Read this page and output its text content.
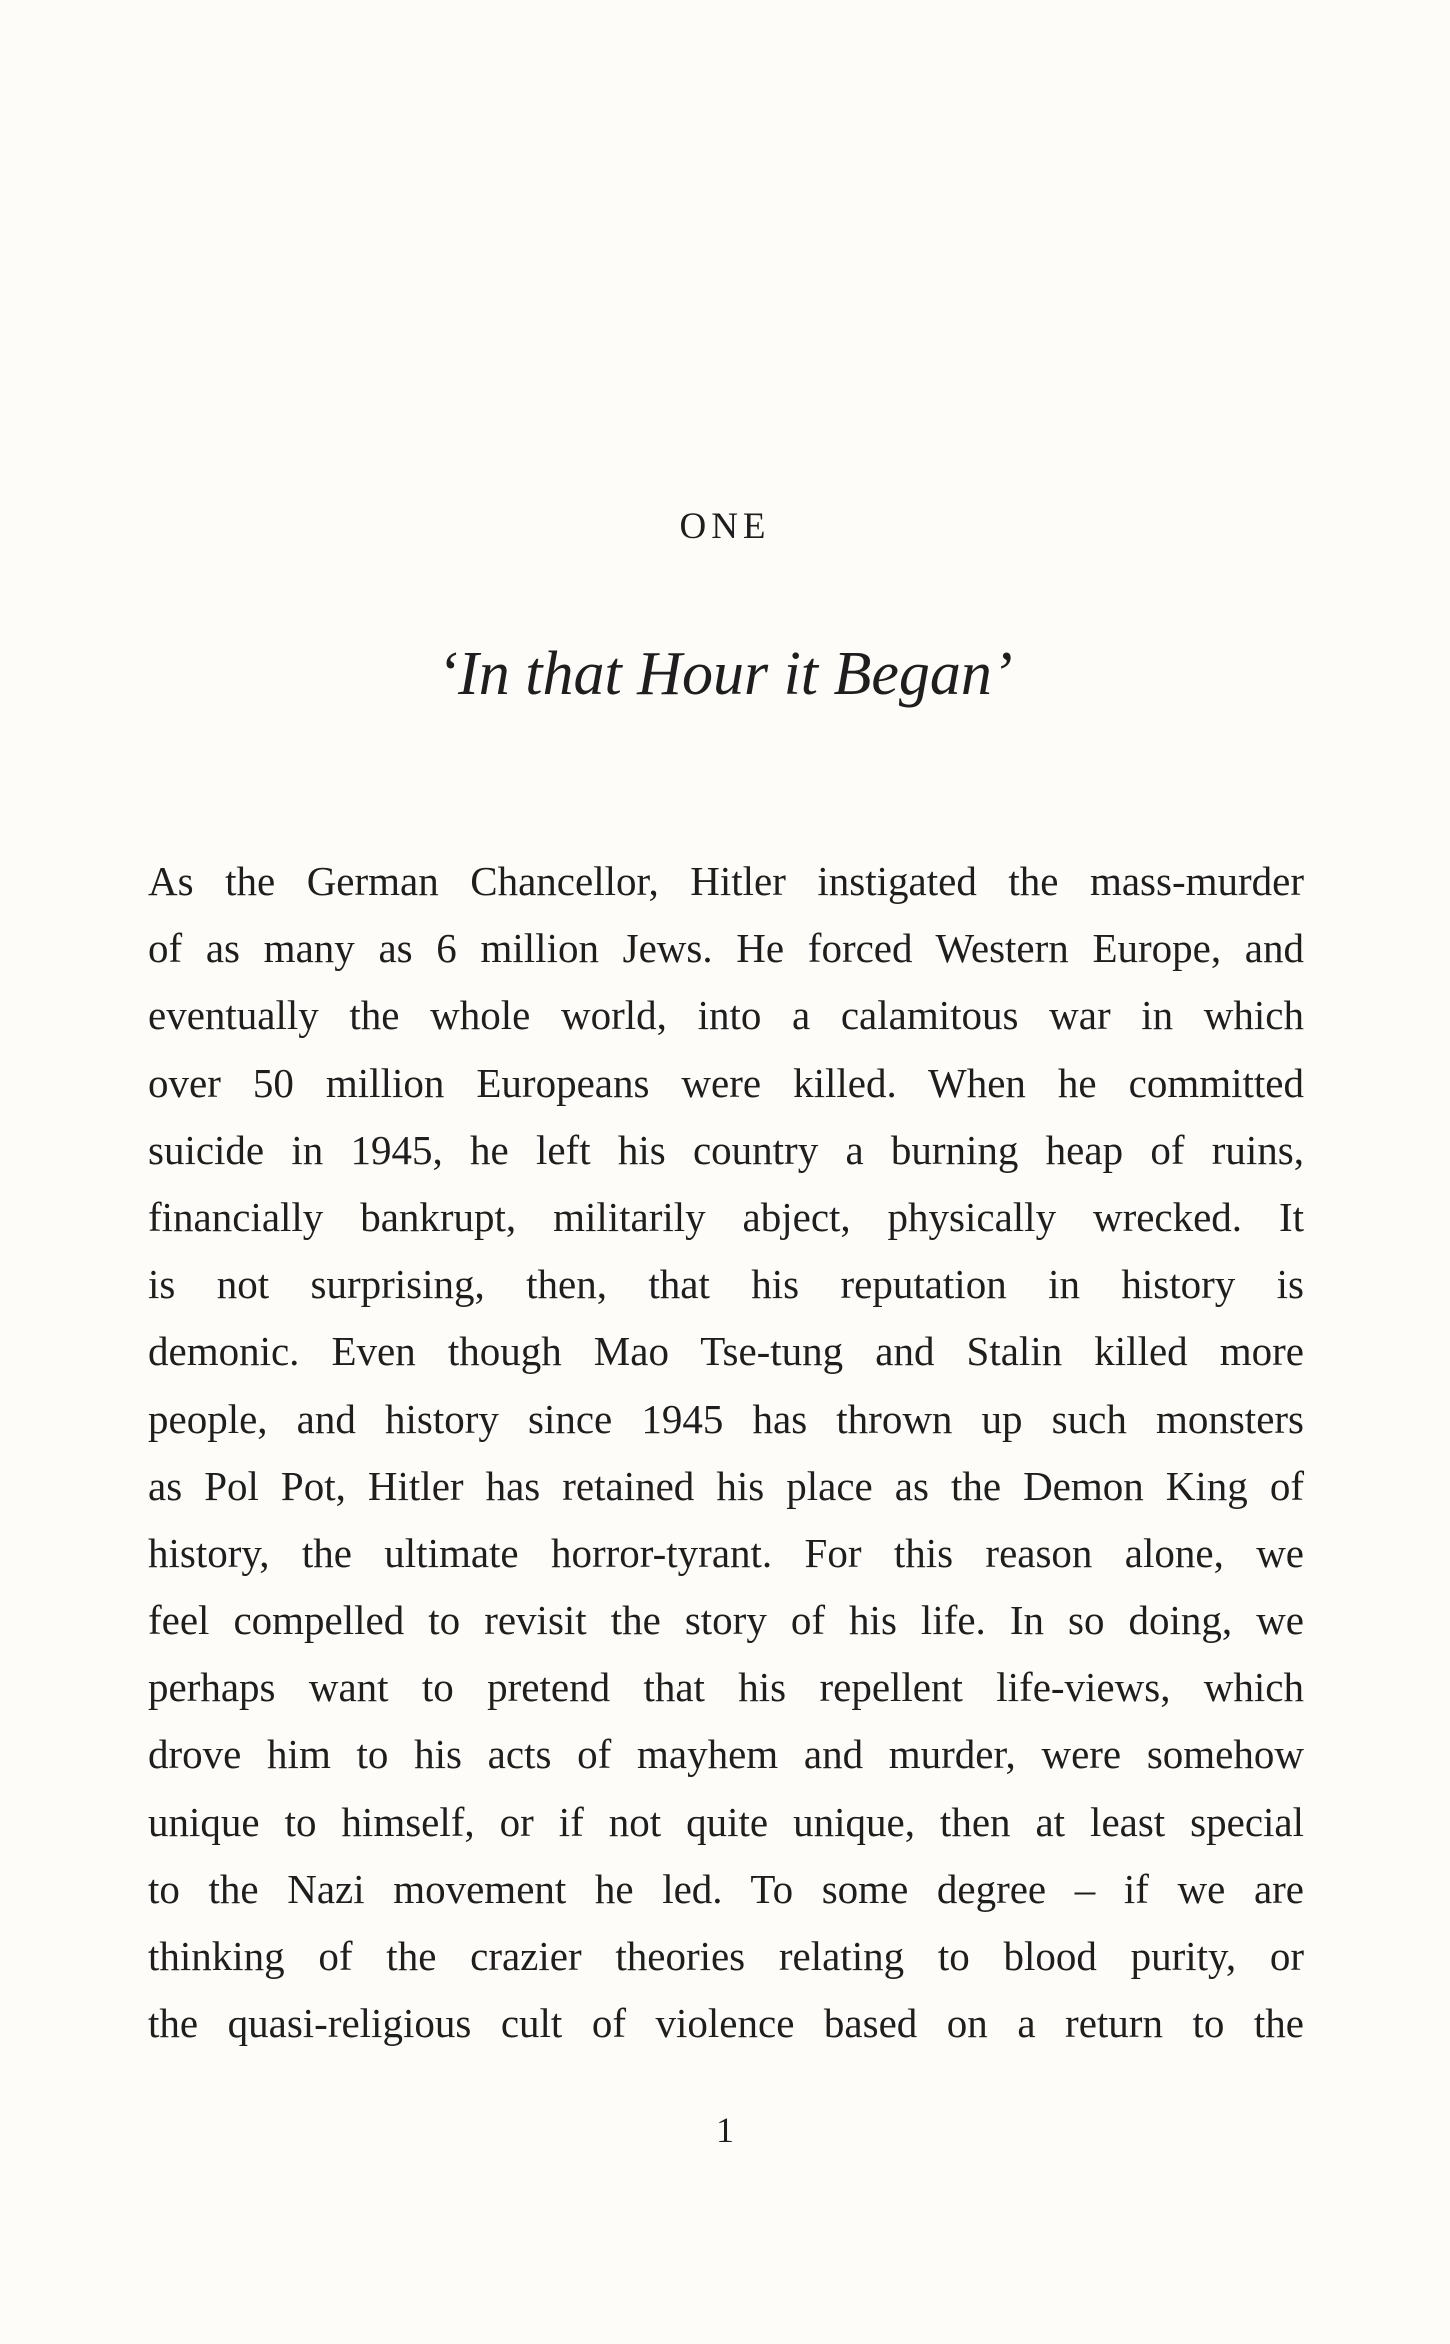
ONE
‘In that Hour it Began’
As the German Chancellor, Hitler instigated the mass-murder
of as many as 6 million Jews. He forced Western Europe, and
eventually the whole world, into a calamitous war in which
over 50 million Europeans were killed. When he committed
suicide in 1945, he left his country a burning heap of ruins,
financially bankrupt, militarily abject, physically wrecked. It
is not surprising, then, that his reputation in history is
demonic. Even though Mao Tse-tung and Stalin killed more
people, and history since 1945 has thrown up such monsters
as Pol Pot, Hitler has retained his place as the Demon King of
history, the ultimate horror-tyrant. For this reason alone, we
feel compelled to revisit the story of his life. In so doing, we
perhaps want to pretend that his repellent life-views, which
drove him to his acts of mayhem and murder, were somehow
unique to himself, or if not quite unique, then at least special
to the Nazi movement he led. To some degree – if we are
thinking of the crazier theories relating to blood purity, or
the quasi-religious cult of violence based on a return to the
1
